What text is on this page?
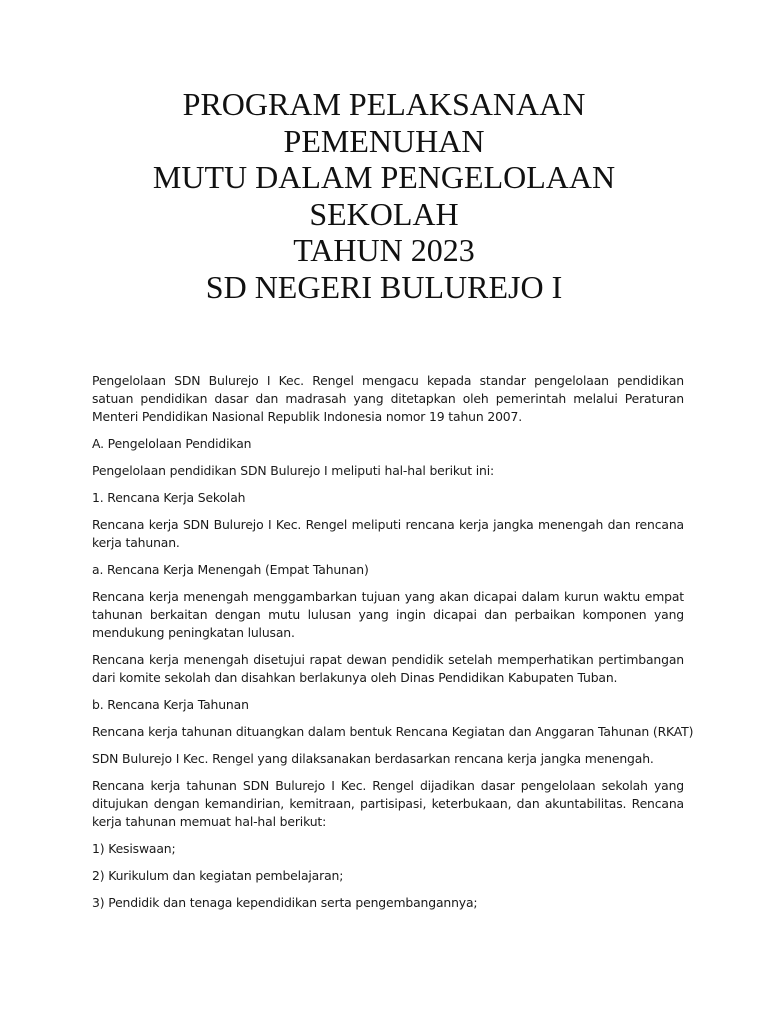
PROGRAM PELAKSANAAN
PEMENUHAN
MUTU DALAM PENGELOLAAN
SEKOLAH
TAHUN 2023
SD NEGERI BULUREJO I

Pengelolaan SDN Bulurejo I Kec. Rengel mengacu kepada standar pengelolaan pendidikan satuan pendidikan dasar dan madrasah yang ditetapkan oleh pemerintah melalui Peraturan Menteri Pendidikan Nasional Republik Indonesia nomor 19 tahun 2007.

A. Pengelolaan Pendidikan

Pengelolaan pendidikan SDN Bulurejo I meliputi hal-hal berikut ini:

1. Rencana Kerja Sekolah

Rencana kerja SDN Bulurejo I Kec. Rengel meliputi rencana kerja jangka menengah dan rencana kerja tahunan.

a. Rencana Kerja Menengah (Empat Tahunan)

Rencana kerja menengah menggambarkan tujuan yang akan dicapai dalam kurun waktu empat tahunan berkaitan dengan mutu lulusan yang ingin dicapai dan perbaikan komponen yang mendukung peningkatan lulusan.

Rencana kerja menengah disetujui rapat dewan pendidik setelah memperhatikan pertimbangan dari komite sekolah dan disahkan berlakunya oleh Dinas Pendidikan Kabupaten Tuban.

b. Rencana Kerja Tahunan

Rencana kerja tahunan dituangkan dalam bentuk Rencana Kegiatan dan Anggaran Tahunan (RKAT)

SDN Bulurejo I Kec. Rengel yang dilaksanakan berdasarkan rencana kerja jangka menengah.

Rencana kerja tahunan SDN Bulurejo I Kec. Rengel dijadikan dasar pengelolaan sekolah yang ditujukan dengan kemandirian, kemitraan, partisipasi, keterbukaan, dan akuntabilitas. Rencana kerja tahunan memuat hal-hal berikut:

1) Kesiswaan;

2) Kurikulum dan kegiatan pembelajaran;

3) Pendidik dan tenaga kependidikan serta pengembangannya;
